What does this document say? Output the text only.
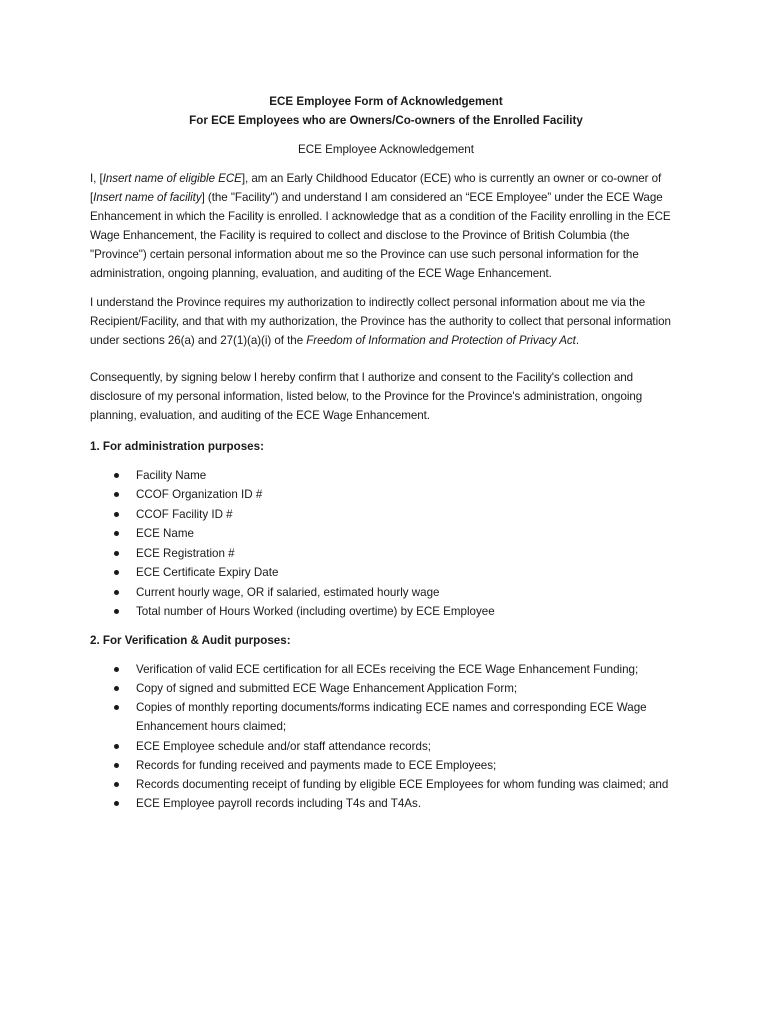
ECE Employee Form of Acknowledgement
For ECE Employees who are Owners/Co-owners of the Enrolled Facility
ECE Employee Acknowledgement

I, [Insert name of eligible ECE], am an Early Childhood Educator (ECE) who is currently an owner or co-owner of [Insert name of facility] (the "Facility") and understand I am considered an “ECE Employee” under the ECE Wage Enhancement in which the Facility is enrolled. I acknowledge that as a condition of the Facility enrolling in the ECE Wage Enhancement, the Facility is required to collect and disclose to the Province of British Columbia (the "Province") certain personal information about me so the Province can use such personal information for the administration, ongoing planning, evaluation, and auditing of the ECE Wage Enhancement.

I understand the Province requires my authorization to indirectly collect personal information about me via the Recipient/Facility, and that with my authorization, the Province has the authority to collect that personal information under sections 26(a) and 27(1)(a)(i) of the Freedom of Information and Protection of Privacy Act.

Consequently, by signing below I hereby confirm that I authorize and consent to the Facility's collection and disclosure of my personal information, listed below, to the Province for the Province's administration, ongoing planning, evaluation, and auditing of the ECE Wage Enhancement.

1. For administration purposes:
Facility Name
CCOF Organization ID #
CCOF Facility ID #
ECE Name
ECE Registration #
ECE Certificate Expiry Date
Current hourly wage, OR if salaried, estimated hourly wage
Total number of Hours Worked (including overtime) by ECE Employee
2. For Verification & Audit purposes:
Verification of valid ECE certification for all ECEs receiving the ECE Wage Enhancement Funding;
Copy of signed and submitted ECE Wage Enhancement Application Form;
Copies of monthly reporting documents/forms indicating ECE names and corresponding ECE Wage Enhancement hours claimed;
ECE Employee schedule and/or staff attendance records;
Records for funding received and payments made to ECE Employees;
Records documenting receipt of funding by eligible ECE Employees for whom funding was claimed; and
ECE Employee payroll records including T4s and T4As.
